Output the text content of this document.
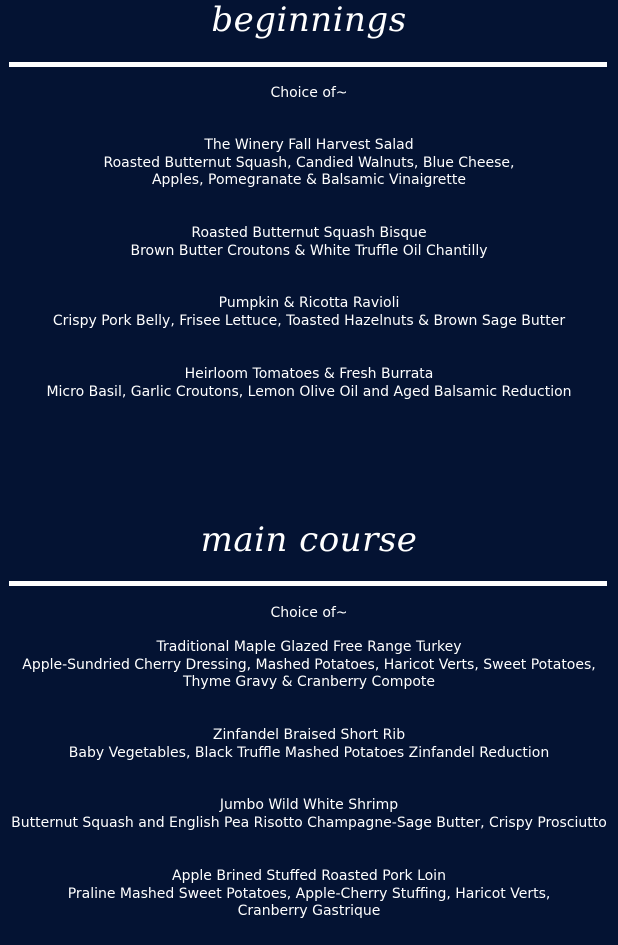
beginnings
Choice of~
The Winery Fall Harvest Salad
Roasted Butternut Squash, Candied Walnuts, Blue Cheese,
Apples, Pomegranate & Balsamic Vinaigrette
Roasted Butternut Squash Bisque
Brown Butter Croutons & White Truffle Oil Chantilly
Pumpkin & Ricotta Ravioli
Crispy Pork Belly, Frisee Lettuce, Toasted Hazelnuts & Brown Sage Butter
Heirloom Tomatoes & Fresh Burrata
Micro Basil, Garlic Croutons, Lemon Olive Oil and Aged Balsamic Reduction
main course
Choice of~
Traditional Maple Glazed Free Range Turkey
Apple-Sundried Cherry Dressing, Mashed Potatoes, Haricot Verts, Sweet Potatoes,
Thyme Gravy & Cranberry Compote
Zinfandel Braised Short Rib
Baby Vegetables, Black Truffle Mashed Potatoes Zinfandel Reduction
Jumbo Wild White Shrimp
Butternut Squash and English Pea Risotto Champagne-Sage Butter, Crispy Prosciutto
Apple Brined Stuffed Roasted Pork Loin
Praline Mashed Sweet Potatoes, Apple-Cherry Stuffing, Haricot Verts,
Cranberry Gastrique
